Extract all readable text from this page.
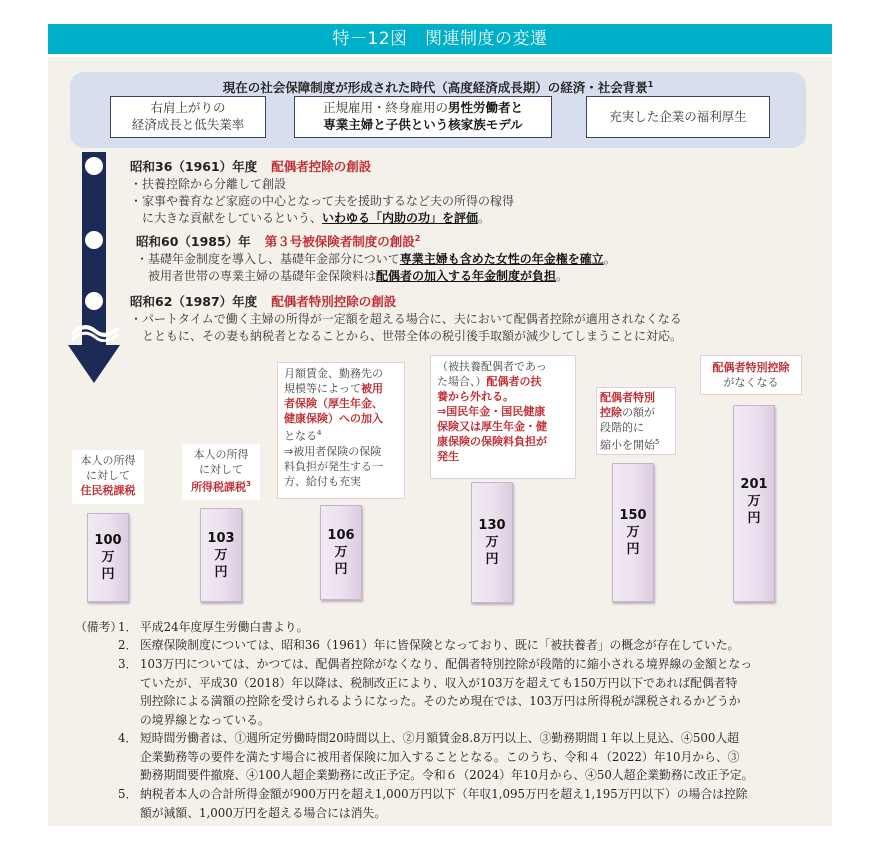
特－12図　関連制度の変遷
現在の社会保障制度が形成された時代（高度経済成長期）の経済・社会背景$^1$
右肩上がりの
経済成長と低失業率
正規雇用・終身雇用の男性労働者と
専業主婦と子供という核家族モデル
充実した企業の福利厚生
昭和36（1961）年度 配偶者控除の創設
・扶養控除から分離して創設
・家事や養育など家庭の中心となって夫を援助するなど夫の所得の稼得
　に大きな貢献をしているという、いわゆる「内助の功」を評価。
昭和60（1985）年 第３号被保険者制度の創設$^2$
・基礎年金制度を導入し、基礎年金部分について専業主婦も含めた女性の年金権を確立。
　被用者世帯の専業主婦の基礎年金保険料は配偶者の加入する年金制度が負担。
昭和62（1987）年度 配偶者特別控除の創設
・パートタイムで働く主婦の所得が一定額を超える場合に、夫において配偶者控除が適用されなくなる
　とともに、その妻も納税者となることから、世帯全体の税引後手取額が減少してしまうことに対応。
本人の所得
に対して
住民税課税
本人の所得
に対して
所得税課税$^3$
月額賃金、勤務先の
規模等によって被用
者保険（厚生年金、
健康保険）への加入
となる$^4$
⇒被用者保険の保険
料負担が発生する一
方、給付も充実
（被扶養配偶者であっ
た場合、）配偶者の扶
養から外れる。
⇒国民年金・国民健康
保険又は厚生年金・健
康保険の保険料負担が
発生
配偶者特別
控除の額が
段階的に
縮小を開始$^5$
配偶者特別控除
がなくなる
100
万
円
103
万
円
106
万
円
130
万
円
150
万
円
201
万
円
（備考）
1． 平成24年度厚生労働白書より。
2． 医療保険制度については、昭和36（1961）年に皆保険となっており、既に「被扶養者」の概念が存在していた。
3． 103万円については、かつては、配偶者控除がなくなり、配偶者特別控除が段階的に縮小される境界線の金額となっ
ていたが、平成30（2018）年以降は、税制改正により、収入が103万を超えても150万円以下であれば配偶者特
別控除による満額の控除を受けられるようになった。そのため現在では、103万円は所得税が課税されるかどうか
の境界線となっている。
4． 短時間労働者は、①週所定労働時間20時間以上、②月額賃金8.8万円以上、③勤務期間１年以上見込、④500人超
企業勤務等の要件を満たす場合に被用者保険に加入することとなる。このうち、令和４（2022）年10月から、③
勤務期間要件撤廃、④100人超企業勤務に改正予定。令和６（2024）年10月から、④50人超企業勤務に改正予定。
5． 納税者本人の合計所得金額が900万円を超え1,000万円以下（年収1,095万円を超え1,195万円以下）の場合は控除
額が減額、1,000万円を超える場合には消失。
